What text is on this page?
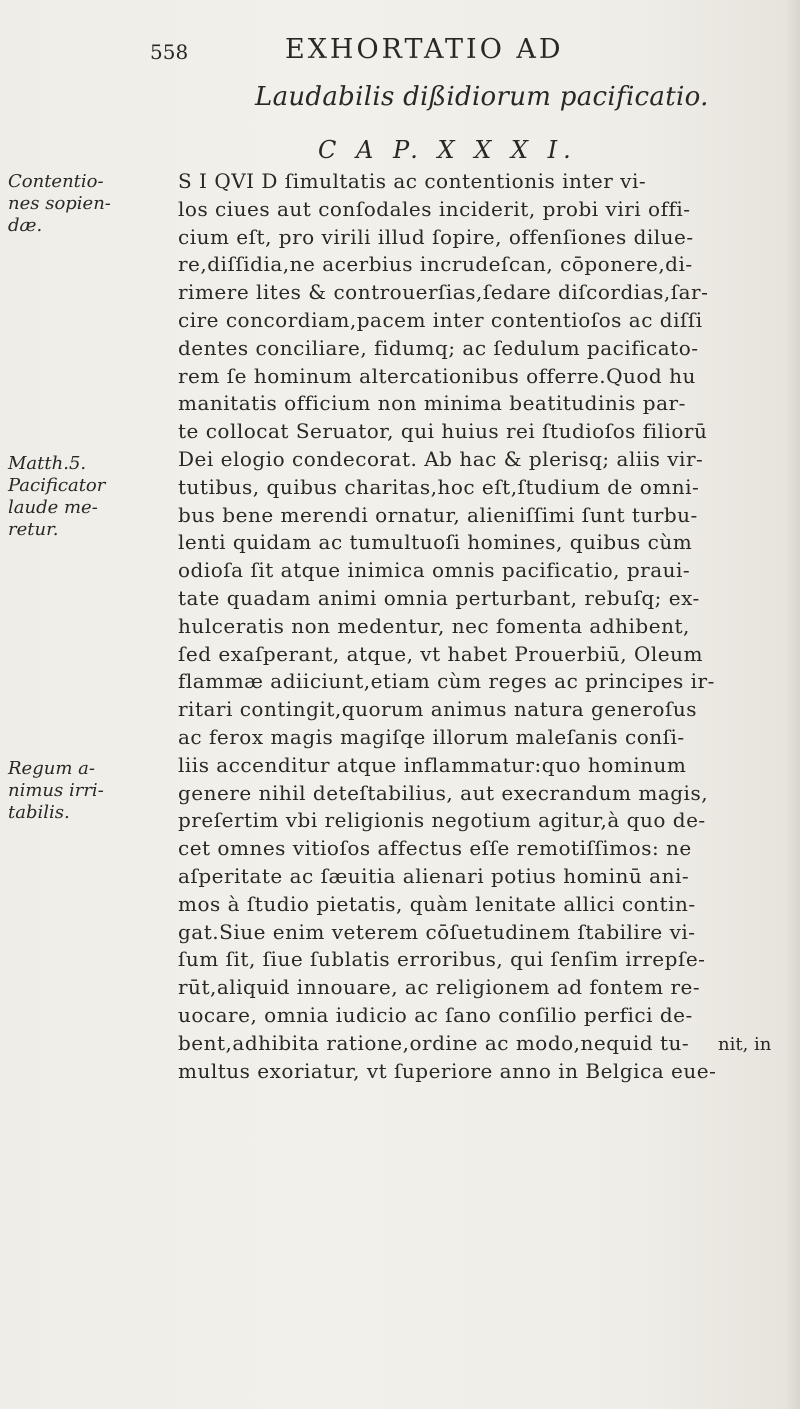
558	EXHORTATIO AD
Laudabilis dißidiorum pacificatio.
C A P. X X X I.
Contentio-
nes sopien-
dæ.
Matth.5.
Pacificator
laude me-
retur.
Regum a-
nimus irri-
tabilis.
S I QVI D ſimultatis ac contentionis inter vi-
los ciues aut conſodales inciderit, probi viri offi-
cium eſt, pro virili illud ſopire, offenſiones dilue-
re,diſſidia,ne acerbius incrudeſcan, cōponere,di-
rimere lites & controuerſias,ſedare diſcordias,ſar-
cire concordiam,pacem inter contentioſos ac diſſi
dentes conciliare, fidumq; ac ſedulum pacificato-
rem ſe hominum altercationibus offerre.Quod hu
manitatis officium non minima beatitudinis par-
te collocat Seruator, qui huius rei ſtudioſos filiorū
Dei elogio condecorat. Ab hac & plerisq; aliis vir-
tutibus, quibus charitas,hoc eſt,ſtudium de omni-
bus bene merendi ornatur, alieniſſimi ſunt turbu-
lenti quidam ac tumultuoſi homines, quibus cùm
odioſa ſit atque inimica omnis pacificatio, praui-
tate quadam animi omnia perturbant, rebuſq; ex-
hulceratis non medentur, nec fomenta adhibent,
ſed exaſperant, atque, vt habet Prouerbiū, Oleum
flammæ adiiciunt,etiam cùm reges ac principes ir-
ritari contingit,quorum animus natura generoſus
ac ferox magis magiſqe illorum maleſanis conſi-
liis accenditur atque inflammatur:quo hominum
genere nihil deteſtabilius, aut execrandum magis,
preſertim vbi religionis negotium agitur,à quo de-
cet omnes vitioſos affectus eſſe remotiſſimos: ne
aſperitate ac ſæuitia alienari potius hominū ani-
mos à ſtudio pietatis, quàm lenitate allici contin-
gat.Siue enim veterem cōſuetudinem ſtabilire vi-
ſum ſit, ſiue ſublatis erroribus, qui ſenſim irrepſe-
rūt,aliquid innouare, ac religionem ad fontem re-
uocare, omnia iudicio ac ſano conſilio perfici de-
bent,adhibita ratione,ordine ac modo,nequid tu-
multus exoriatur, vt ſuperiore anno in Belgica eue-
nit, in
